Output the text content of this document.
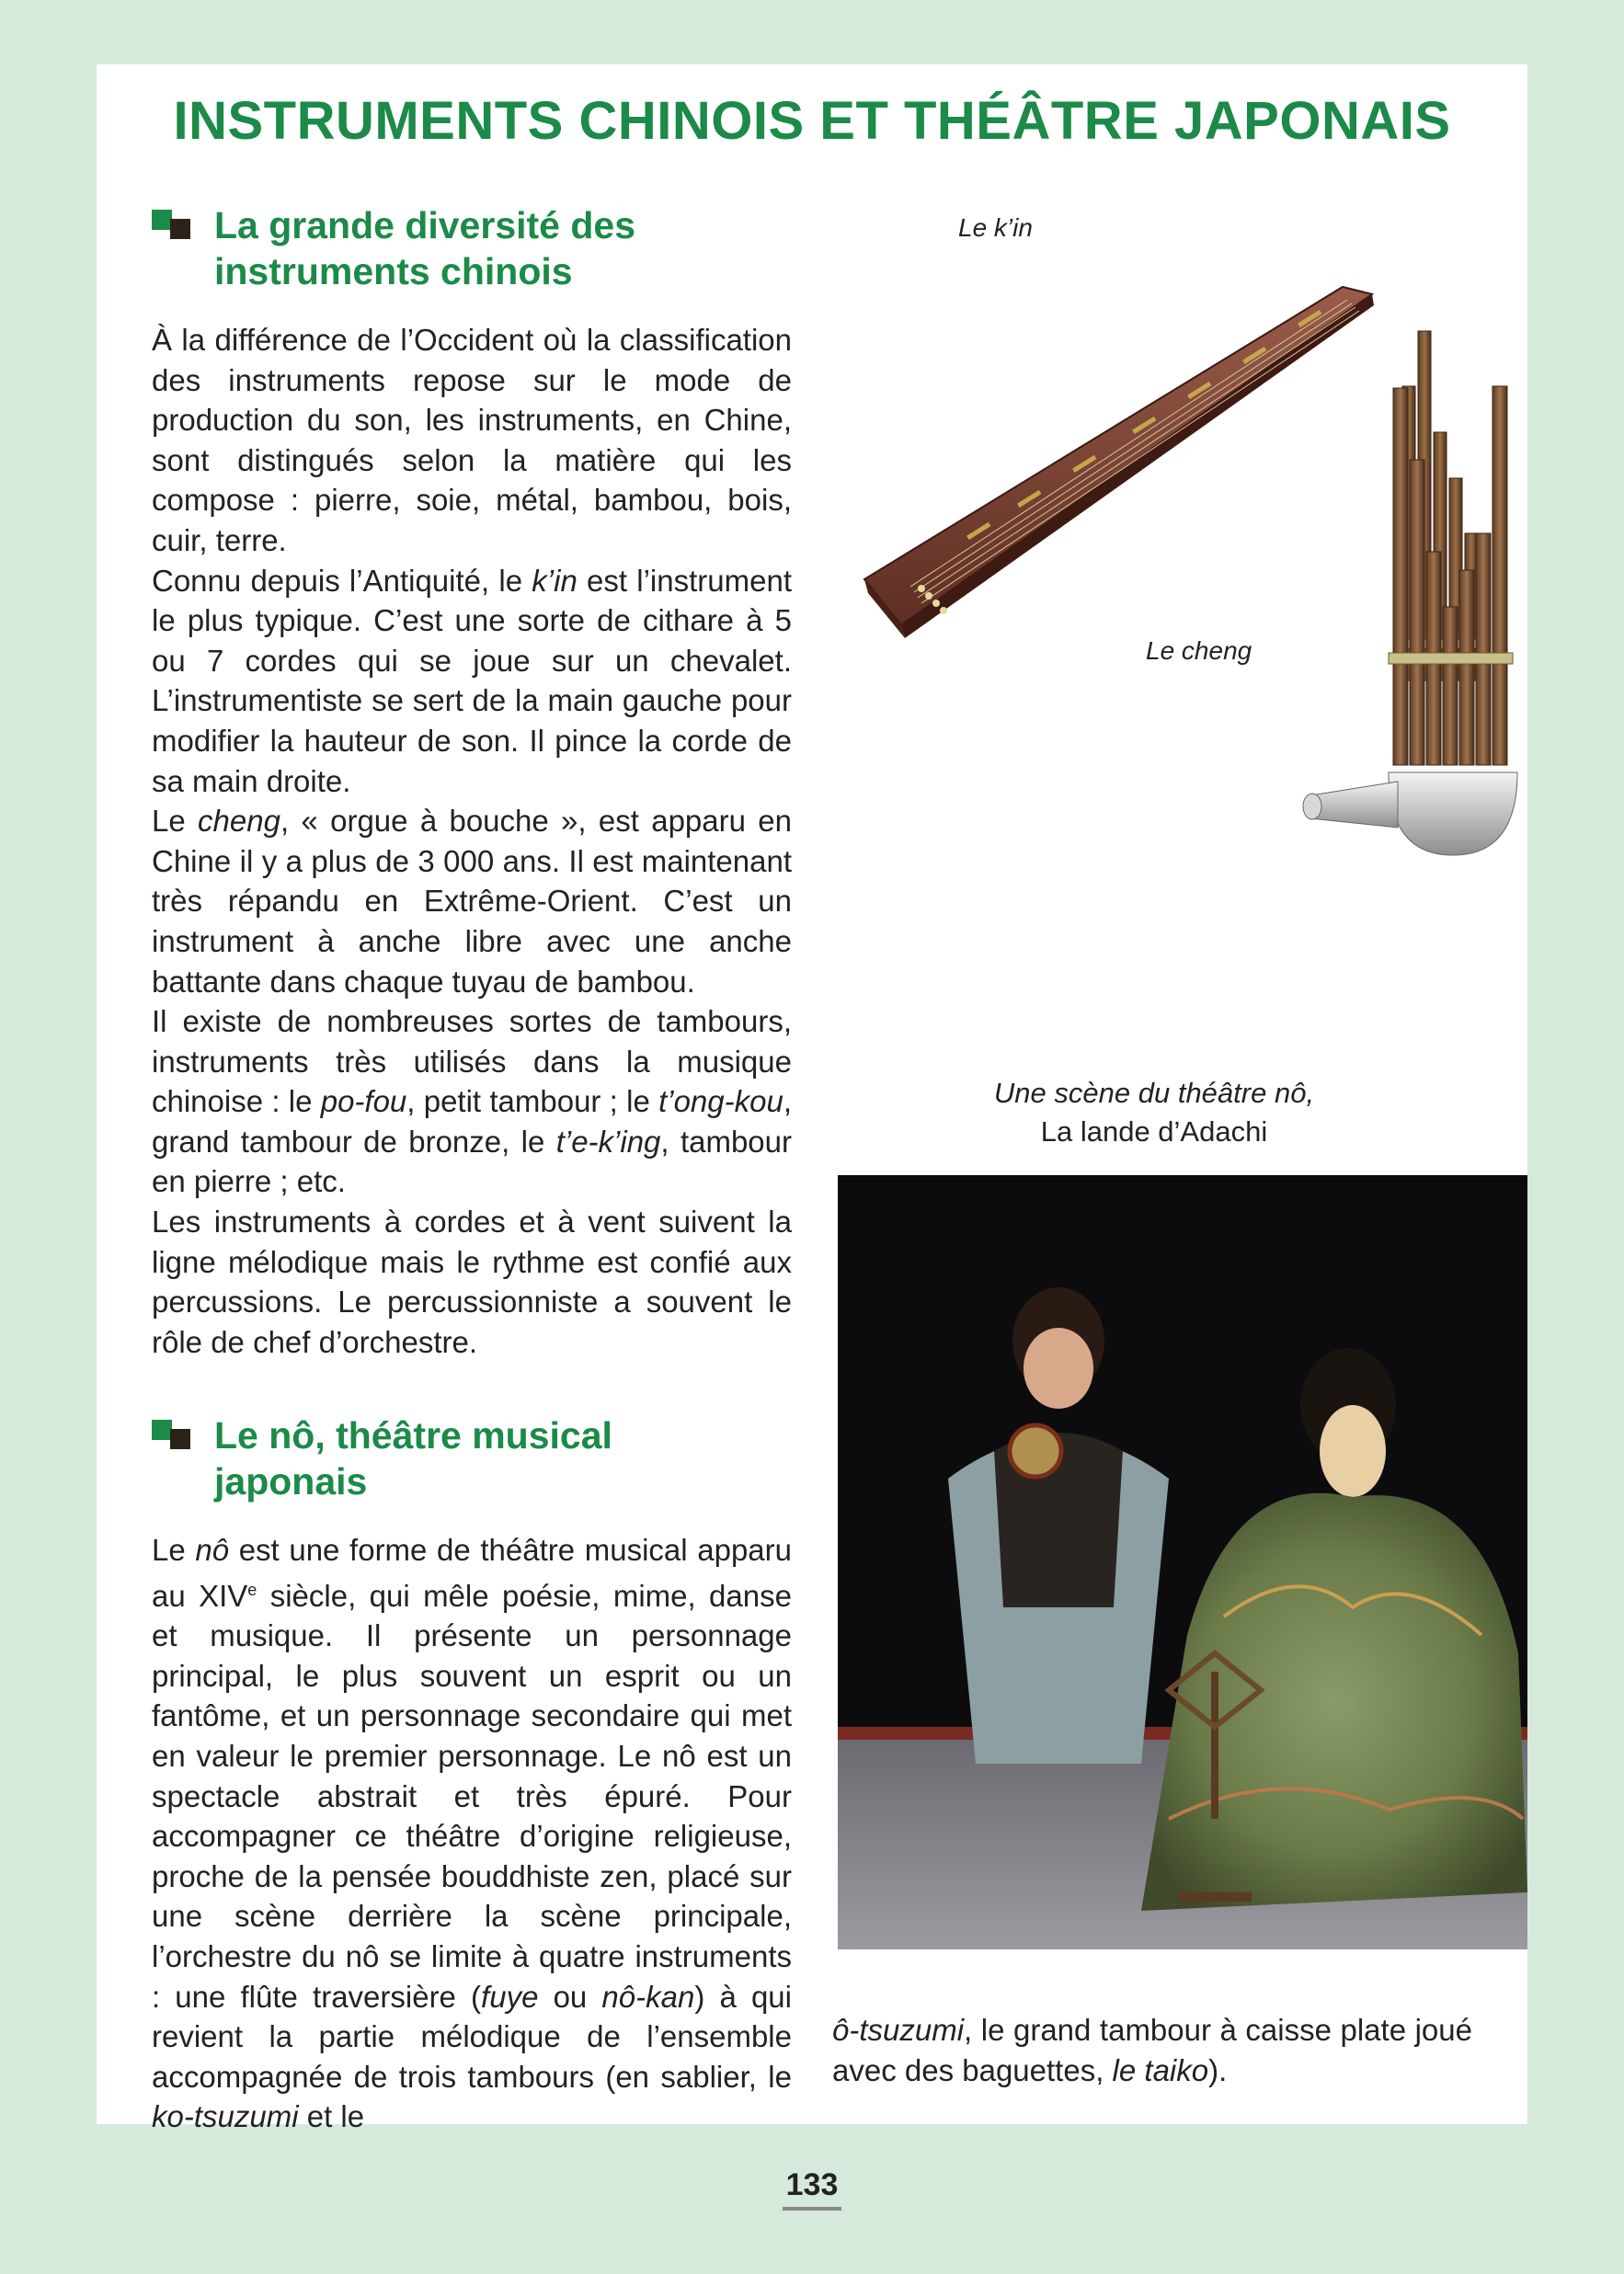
INSTRUMENTS CHINOIS ET THÉÂTRE JAPONAIS
La grande diversité des
instruments chinois

À la différence de l’Occident où la classification des instruments repose sur le mode de production du son, les instruments, en Chine, sont distingués selon la matière qui les compose : pierre, soie, métal, bambou, bois, cuir, terre.

Connu depuis l’Antiquité, le k’in est l’instrument le plus typique. C’est une sorte de cithare à 5 ou 7 cordes qui se joue sur un chevalet. L’instrumentiste se sert de la main gauche pour modifier la hauteur de son. Il pince la corde de sa main droite.

Le cheng, « orgue à bouche », est apparu en Chine il y a plus de 3 000 ans. Il est maintenant très répandu en Extrême-Orient. C’est un instrument à anche libre avec une anche battante dans chaque tuyau de bambou.

Il existe de nombreuses sortes de tambours, instruments très utilisés dans la musique chinoise : le po-fou, petit tambour ; le t’ong-kou, grand tambour de bronze, le t’e-k’ing, tambour en pierre ; etc.

Les instruments à cordes et à vent suivent la ligne mélodique mais le rythme est confié aux percussions. Le percussionniste a souvent le rôle de chef d’orchestre.

Le nô, théâtre musical
japonais

Le nô est une forme de théâtre musical apparu au XIVe siècle, qui mêle poésie, mime, danse et musique. Il présente un personnage principal, le plus souvent un esprit ou un fantôme, et un personnage secondaire qui met en valeur le premier personnage. Le nô est un spectacle abstrait et très épuré. Pour accompagner ce théâtre d’origine religieuse, proche de la pensée bouddhiste zen, placé sur une scène derrière la scène principale, l’orchestre du nô se limite à quatre instruments : une flûte traversière (fuye ou nô-kan) à qui revient la partie mélodique de l’ensemble accompagnée de trois tambours (en sablier, le ko-tsuzumi et le

ô-tsuzumi, le grand tambour à caisse plate joué avec des baguettes, le taiko).

Le k’in
Le cheng
Une scène du théâtre nô,
La lande d’Adachi
133
